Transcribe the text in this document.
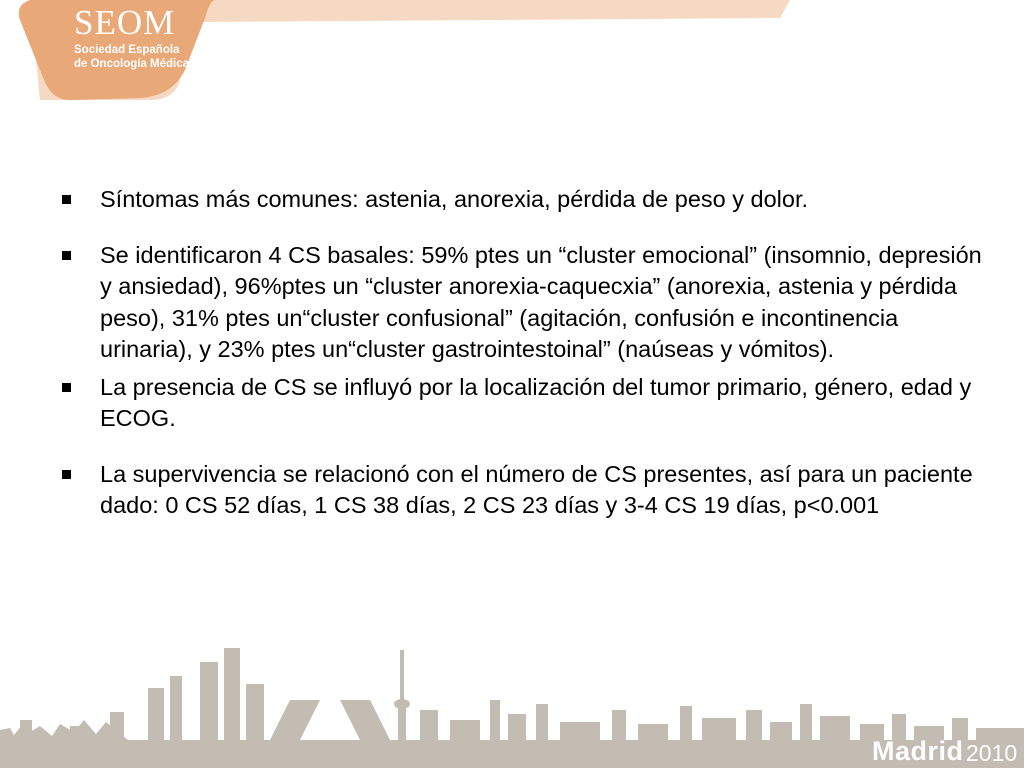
SEOM
Sociedad Española
de Oncología Médica
Síntomas más comunes: astenia, anorexia, pérdida de peso y dolor.
Se identificaron 4 CS basales: 59% ptes un “cluster emocional” (insomnio, depresión y ansiedad), 96%ptes un “cluster anorexia-caquecxia” (anorexia, astenia y pérdida peso), 31% ptes un“cluster confusional” (agitación, confusión e incontinencia urinaria), y 23% ptes un“cluster gastrointestoinal” (naúseas y vómitos).
La presencia de CS se influyó por la localización del tumor primario, género, edad y ECOG.
La supervivencia se relacionó con el número de CS presentes, así para un paciente dado: 0 CS 52 días, 1 CS 38 días, 2 CS 23 días y 3-4 CS 19 días, p<0.001
Madrid 2010
